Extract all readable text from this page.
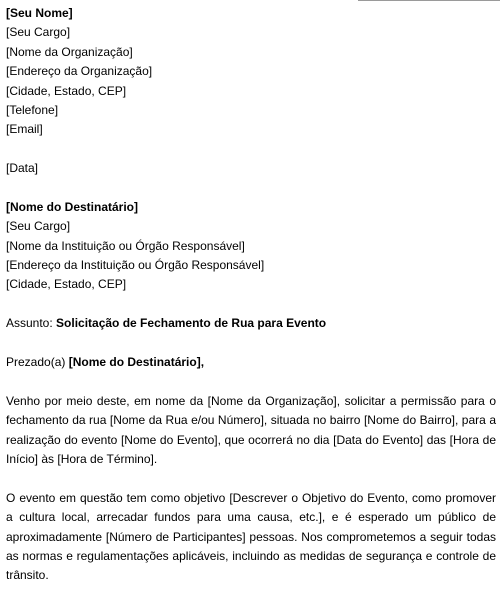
[Seu Nome]
[Seu Cargo]
[Nome da Organização]
[Endereço da Organização]
[Cidade, Estado, CEP]
[Telefone]
[Email]
[Data]
[Nome do Destinatário]
[Seu Cargo]
[Nome da Instituição ou Órgão Responsável]
[Endereço da Instituição ou Órgão Responsável]
[Cidade, Estado, CEP]
Assunto: Solicitação de Fechamento de Rua para Evento
Prezado(a) [Nome do Destinatário],

Venho por meio deste, em nome da [Nome da Organização], solicitar a permissão para o fechamento da rua [Nome da Rua e/ou Número], situada no bairro [Nome do Bairro], para a realização do evento [Nome do Evento], que ocorrerá no dia [Data do Evento] das [Hora de Início] às [Hora de Término].

O evento em questão tem como objetivo [Descrever o Objetivo do Evento, como promover a cultura local, arrecadar fundos para uma causa, etc.], e é esperado um público de aproximadamente [Número de Participantes] pessoas. Nos comprometemos a seguir todas as normas e regulamentações aplicáveis, incluindo as medidas de segurança e controle de trânsito.
